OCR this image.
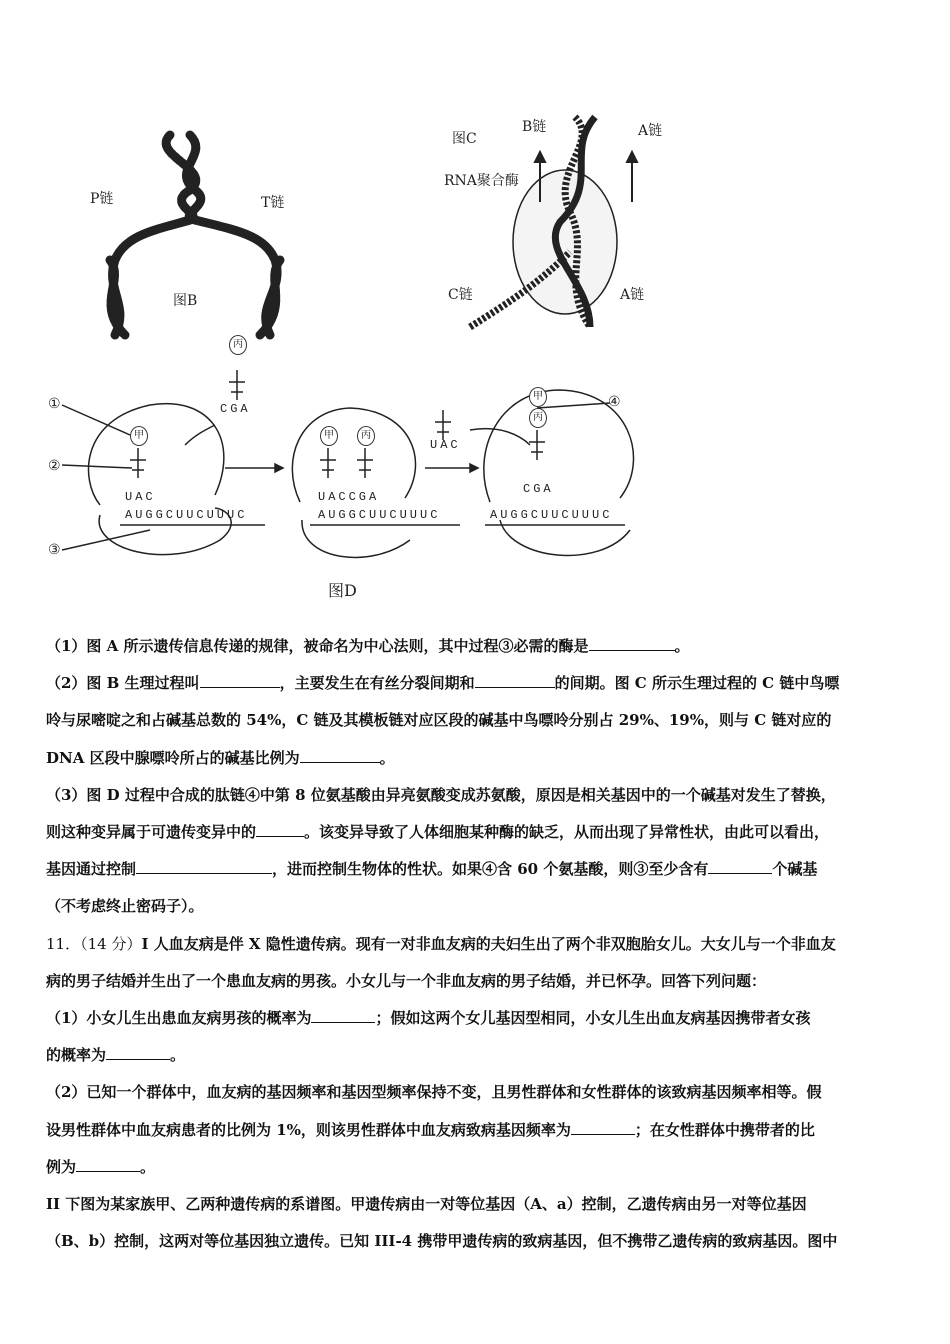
P链	T链
图B
图C
B链	A链
RNA聚合酶
C链	A链
①
②
③
④
甲
丙
甲	丙
甲
丙
CGA
UAC
AUGGCUUCUUUC
UACCGA
AUGGCUUCUUUC
UAC
CGA
AUGGCUUCUUUC
图D
（1）图 A 所示遗传信息传递的规律，被命名为中心法则，其中过程③必需的酶是	。
（2）图 B 生理过程叫	，主要发生在有丝分裂间期和	的间期。图 C 所示生理过程的 C 链中鸟嘌
呤与尿嘧啶之和占碱基总数的 54%，C 链及其模板链对应区段的碱基中鸟嘌呤分别占 29%、19%，则与 C 链对应的
DNA 区段中腺嘌呤所占的碱基比例为	。
（3）图 D 过程中合成的肽链④中第 8 位氨基酸由异亮氨酸变成苏氨酸，原因是相关基因中的一个碱基对发生了替换，
则这种变异属于可遗传变异中的	。该变异导致了人体细胞某种酶的缺乏，从而出现了异常性状，由此可以看出，
基因通过控制	，进而控制生物体的性状。如果④含 60 个氨基酸，则③至少含有	个碱基
（不考虑终止密码子）。
11．（14 分）I 人血友病是伴 X 隐性遗传病。现有一对非血友病的夫妇生出了两个非双胞胎女儿。大女儿与一个非血友
病的男子结婚并生出了一个患血友病的男孩。小女儿与一个非血友病的男子结婚，并已怀孕。回答下列问题：
（1）小女儿生出患血友病男孩的概率为	；假如这两个女儿基因型相同，小女儿生出血友病基因携带者女孩
的概率为	。
（2）已知一个群体中，血友病的基因频率和基因型频率保持不变，且男性群体和女性群体的该致病基因频率相等。假
设男性群体中血友病患者的比例为 1%，则该男性群体中血友病致病基因频率为	；在女性群体中携带者的比
例为	。
II 下图为某家族甲、乙两种遗传病的系谱图。甲遗传病由一对等位基因（A、a）控制，乙遗传病由另一对等位基因
（B、b）控制，这两对等位基因独立遗传。已知 III-4 携带甲遗传病的致病基因，但不携带乙遗传病的致病基因。图中
